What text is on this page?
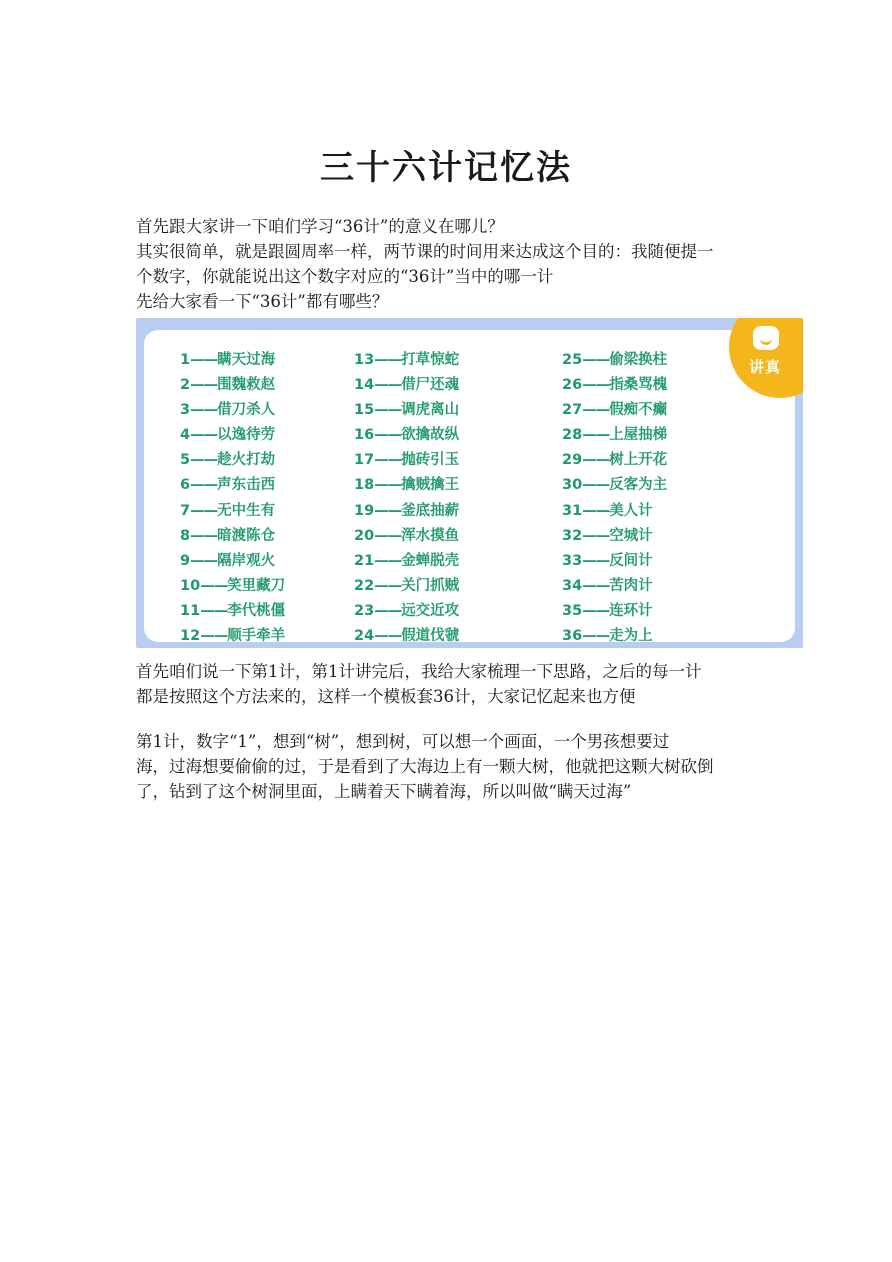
三十六计记忆法
首先跟大家讲一下咱们学习“36计”的意义在哪儿？
其实很简单，就是跟圆周率一样，两节课的时间用来达成这个目的：我随便提一
个数字，你就能说出这个数字对应的“36计”当中的哪一计
先给大家看一下“36计”都有哪些？
1——瞒天过海
2——围魏救赵
3——借刀杀人
4——以逸待劳
5——趁火打劫
6——声东击西
7——无中生有
8——暗渡陈仓
9——隔岸观火
10——笑里藏刀
11——李代桃僵
12——顺手牵羊
13——打草惊蛇
14——借尸还魂
15——调虎离山
16——欲擒故纵
17——抛砖引玉
18——擒贼擒王
19——釜底抽薪
20——浑水摸鱼
21——金蝉脱壳
22——关门抓贼
23——远交近攻
24——假道伐虢
25——偷梁换柱
26——指桑骂槐
27——假痴不癫
28——上屋抽梯
29——树上开花
30——反客为主
31——美人计
32——空城计
33——反间计
34——苦肉计
35——连环计
36——走为上
讲真
首先咱们说一下第1计，第1计讲完后，我给大家梳理一下思路，之后的每一计
都是按照这个方法来的，这样一个模板套36计，大家记忆起来也方便
第1计，数字“1”，想到“树”，想到树，可以想一个画面，一个男孩想要过
海，过海想要偷偷的过，于是看到了大海边上有一颗大树，他就把这颗大树砍倒
了，钻到了这个树洞里面，上瞒着天下瞒着海，所以叫做“瞒天过海”
